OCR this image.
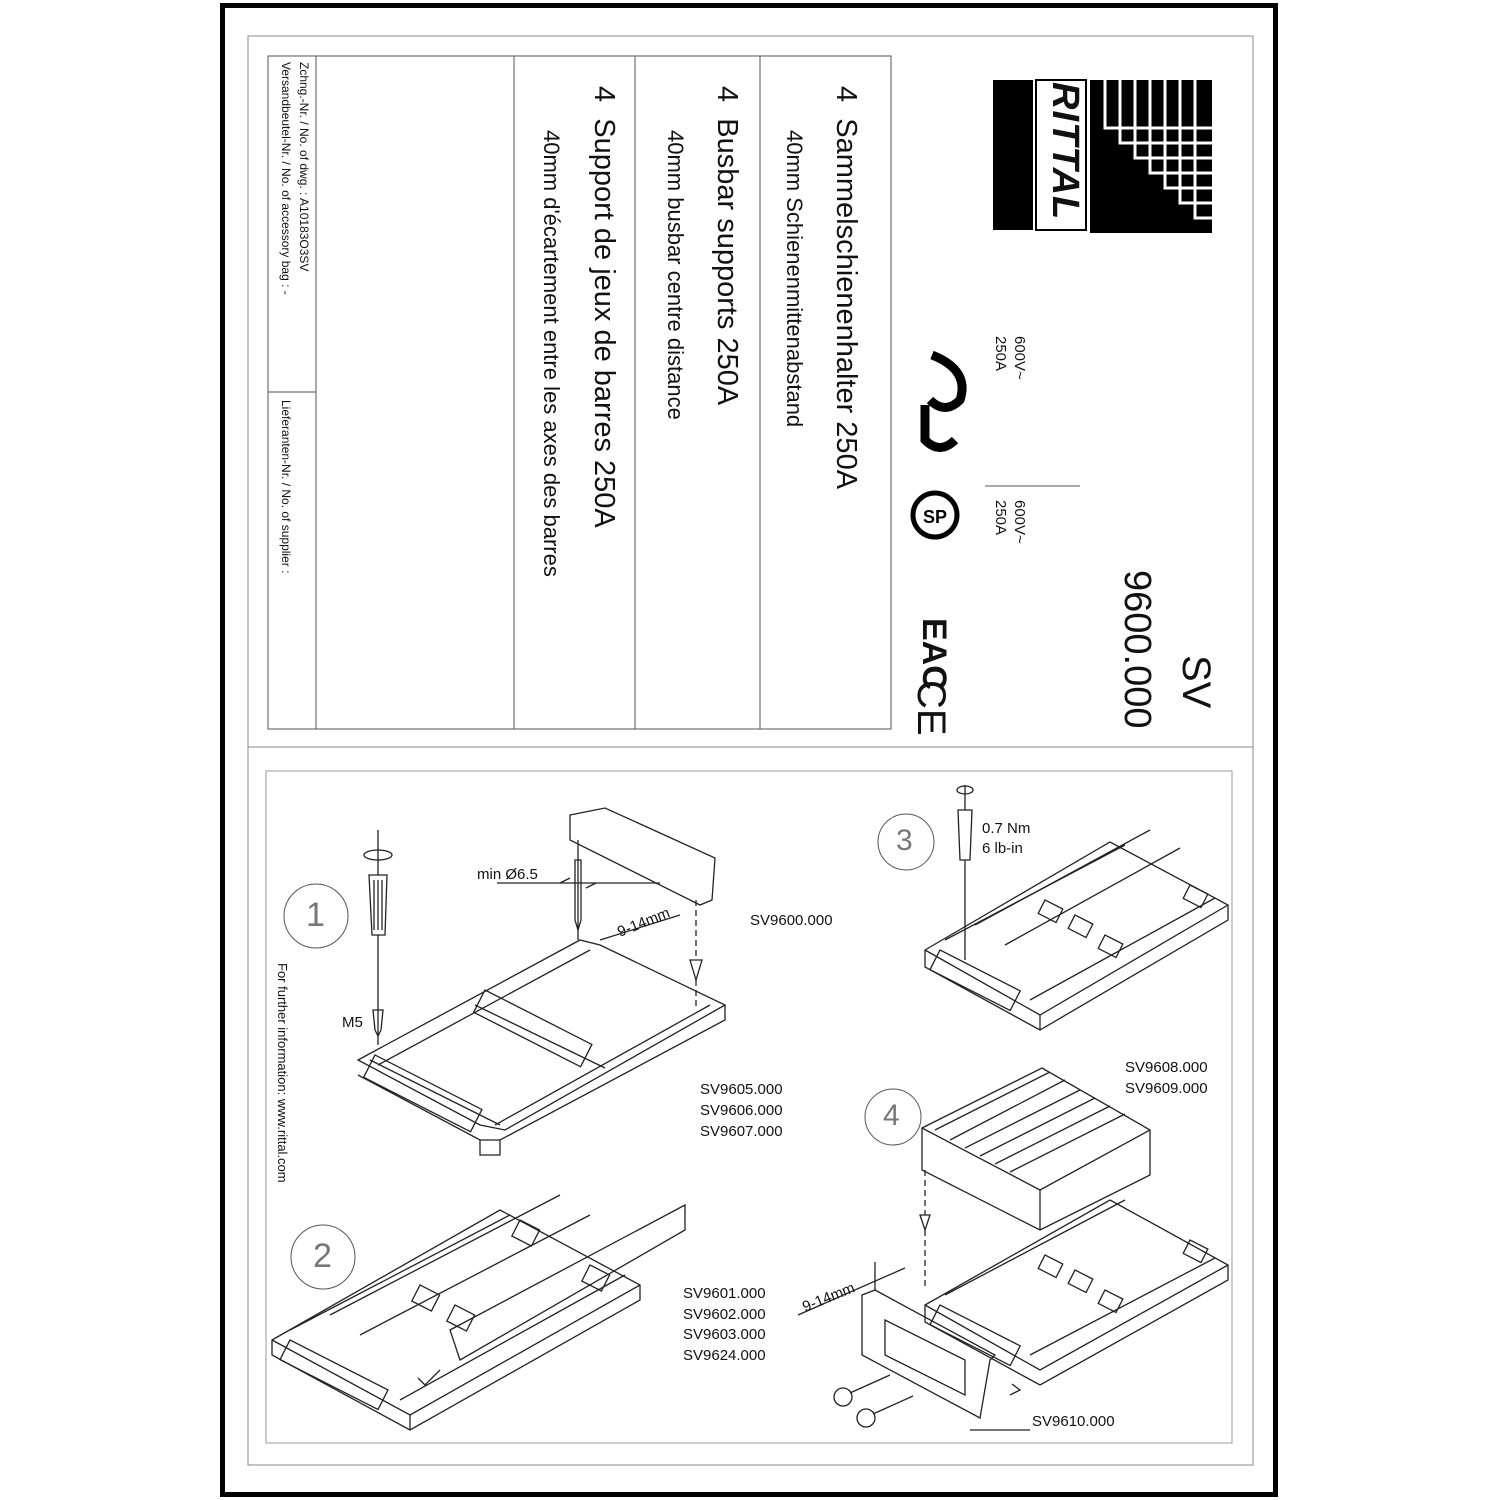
SP
SV
9600.000
600V~
250A
600V~
250A
EAC
CE
4  Sammelschienenhalter 250A
40mm Schienenmittenabstand
4  Busbar supports 250A
40mm busbar centre distance
4  Support de jeux de barres 250A
40mm d'écartement entre les axes des barres
Zchng.-Nr. / No. of dwg. : A10183O3SV
Versandbeutel-Nr. / No. of accessory bag : -
Lieferanten-Nr. / No. of supplier :
For further information: www.rittal.com
1
2
3
4
M5
min Ø6.5
9-14mm	SV9600.000
SV9605.000
SV9606.000
SV9607.000
SV9601.000
SV9602.000
SV9603.000
SV9624.000
0.7 Nm
6 lb-in
SV9608.000
SV9609.000
9-14mm
SV9610.000
RITTAL
